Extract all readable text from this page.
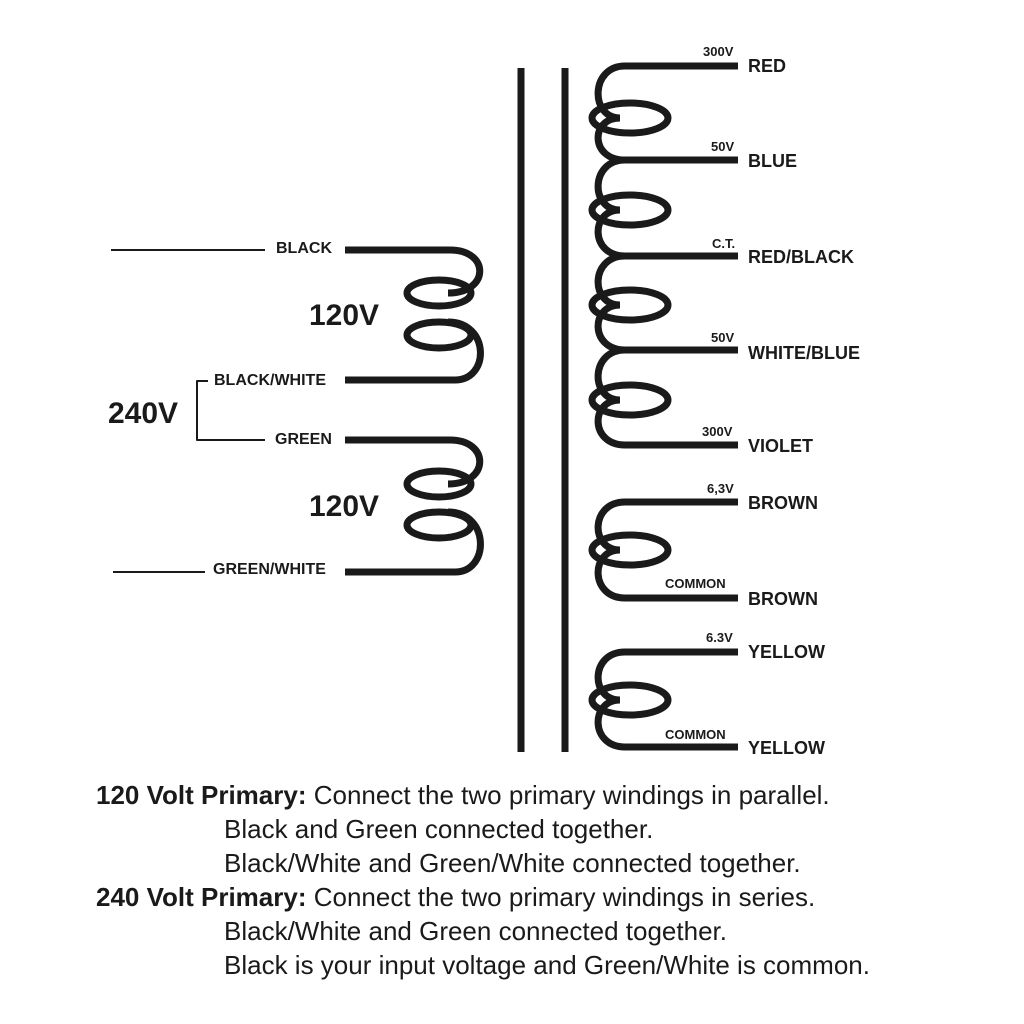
BLACK
BLACK/WHITE
GREEN
GREEN/WHITE
120V
120V
240V
300V
RED
50V
BLUE
C.T.
RED/BLACK
50V
WHITE/BLUE
300V
VIOLET
6,3V
BROWN
COMMON
BROWN
6.3V
YELLOW
COMMON
YELLOW
120 Volt Primary: Connect the two primary windings in parallel.
Black and Green connected together.
Black/White and Green/White connected together.
240 Volt Primary: Connect the two primary windings in series.
Black/White and Green connected together.
Black is your input voltage and Green/White is common.
